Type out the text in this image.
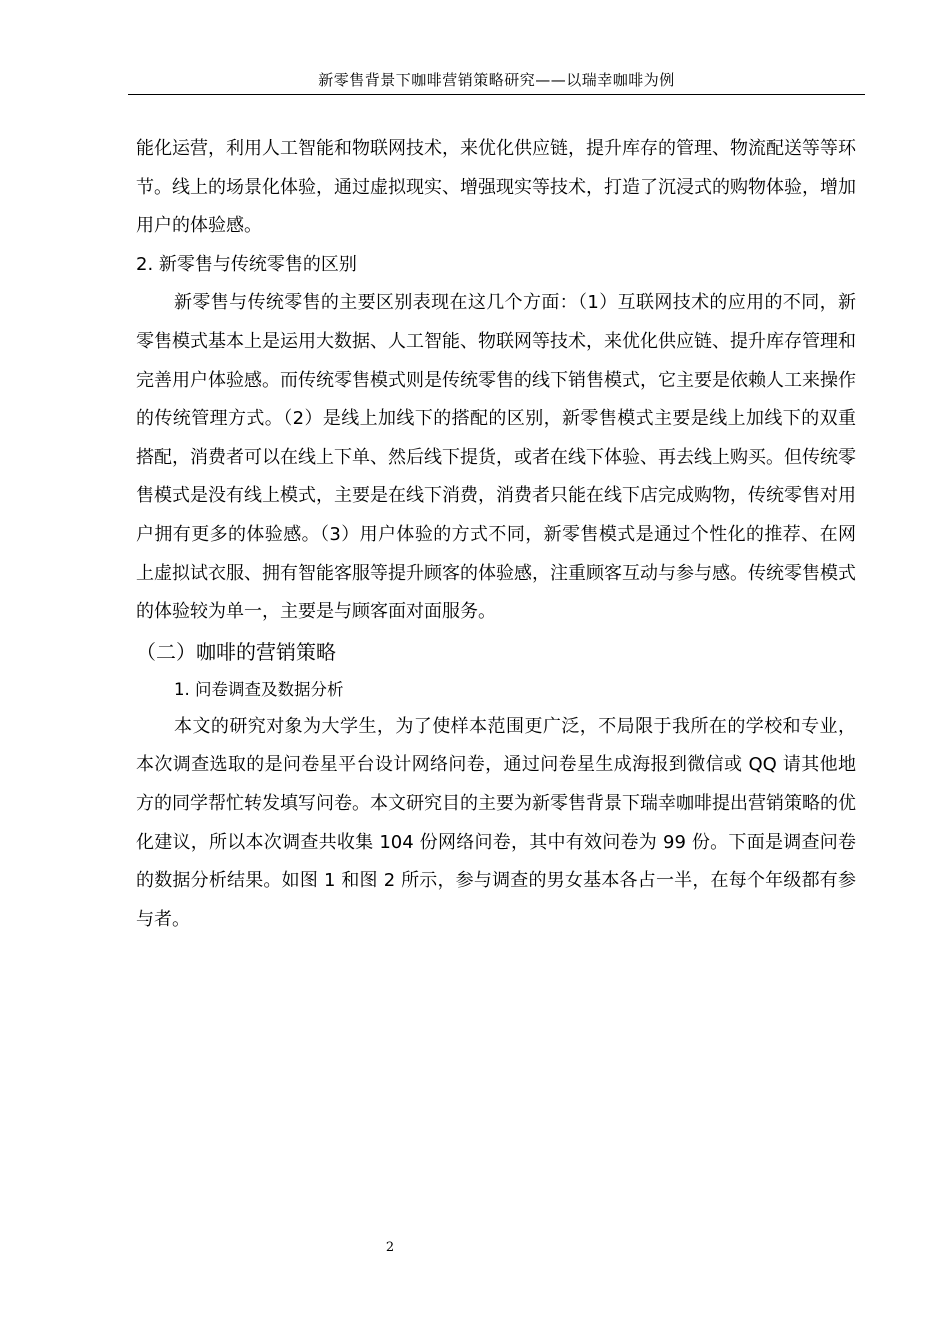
新零售背景下咖啡营销策略研究——以瑞幸咖啡为例

能化运营，利用人工智能和物联网技术，来优化供应链，提升库存的管理、物流配送等等环节。线上的场景化体验，通过虚拟现实、增强现实等技术，打造了沉浸式的购物体验，增加用户的体验感。

2. 新零售与传统零售的区别

新零售与传统零售的主要区别表现在这几个方面：（1）互联网技术的应用的不同，新零售模式基本上是运用大数据、人工智能、物联网等技术，来优化供应链、提升库存管理和完善用户体验感。而传统零售模式则是传统零售的线下销售模式，它主要是依赖人工来操作的传统管理方式。（2）是线上加线下的搭配的区别，新零售模式主要是线上加线下的双重搭配，消费者可以在线上下单、然后线下提货，或者在线下体验、再去线上购买。但传统零售模式是没有线上模式，主要是在线下消费，消费者只能在线下店完成购物，传统零售对用户拥有更多的体验感。（3）用户体验的方式不同，新零售模式是通过个性化的推荐、在网上虚拟试衣服、拥有智能客服等提升顾客的体验感，注重顾客互动与参与感。传统零售模式的体验较为单一，主要是与顾客面对面服务。

（二）咖啡的营销策略

1. 问卷调查及数据分析

本文的研究对象为大学生，为了使样本范围更广泛，不局限于我所在的学校和专业，本次调查选取的是问卷星平台设计网络问卷，通过问卷星生成海报到微信或 QQ 请其他地方的同学帮忙转发填写问卷。本文研究目的主要为新零售背景下瑞幸咖啡提出营销策略的优化建议，所以本次调查共收集 104 份网络问卷，其中有效问卷为 99 份。下面是调查问卷的数据分析结果。如图 1 和图 2 所示，参与调查的男女基本各占一半，在每个年级都有参与者。

2
